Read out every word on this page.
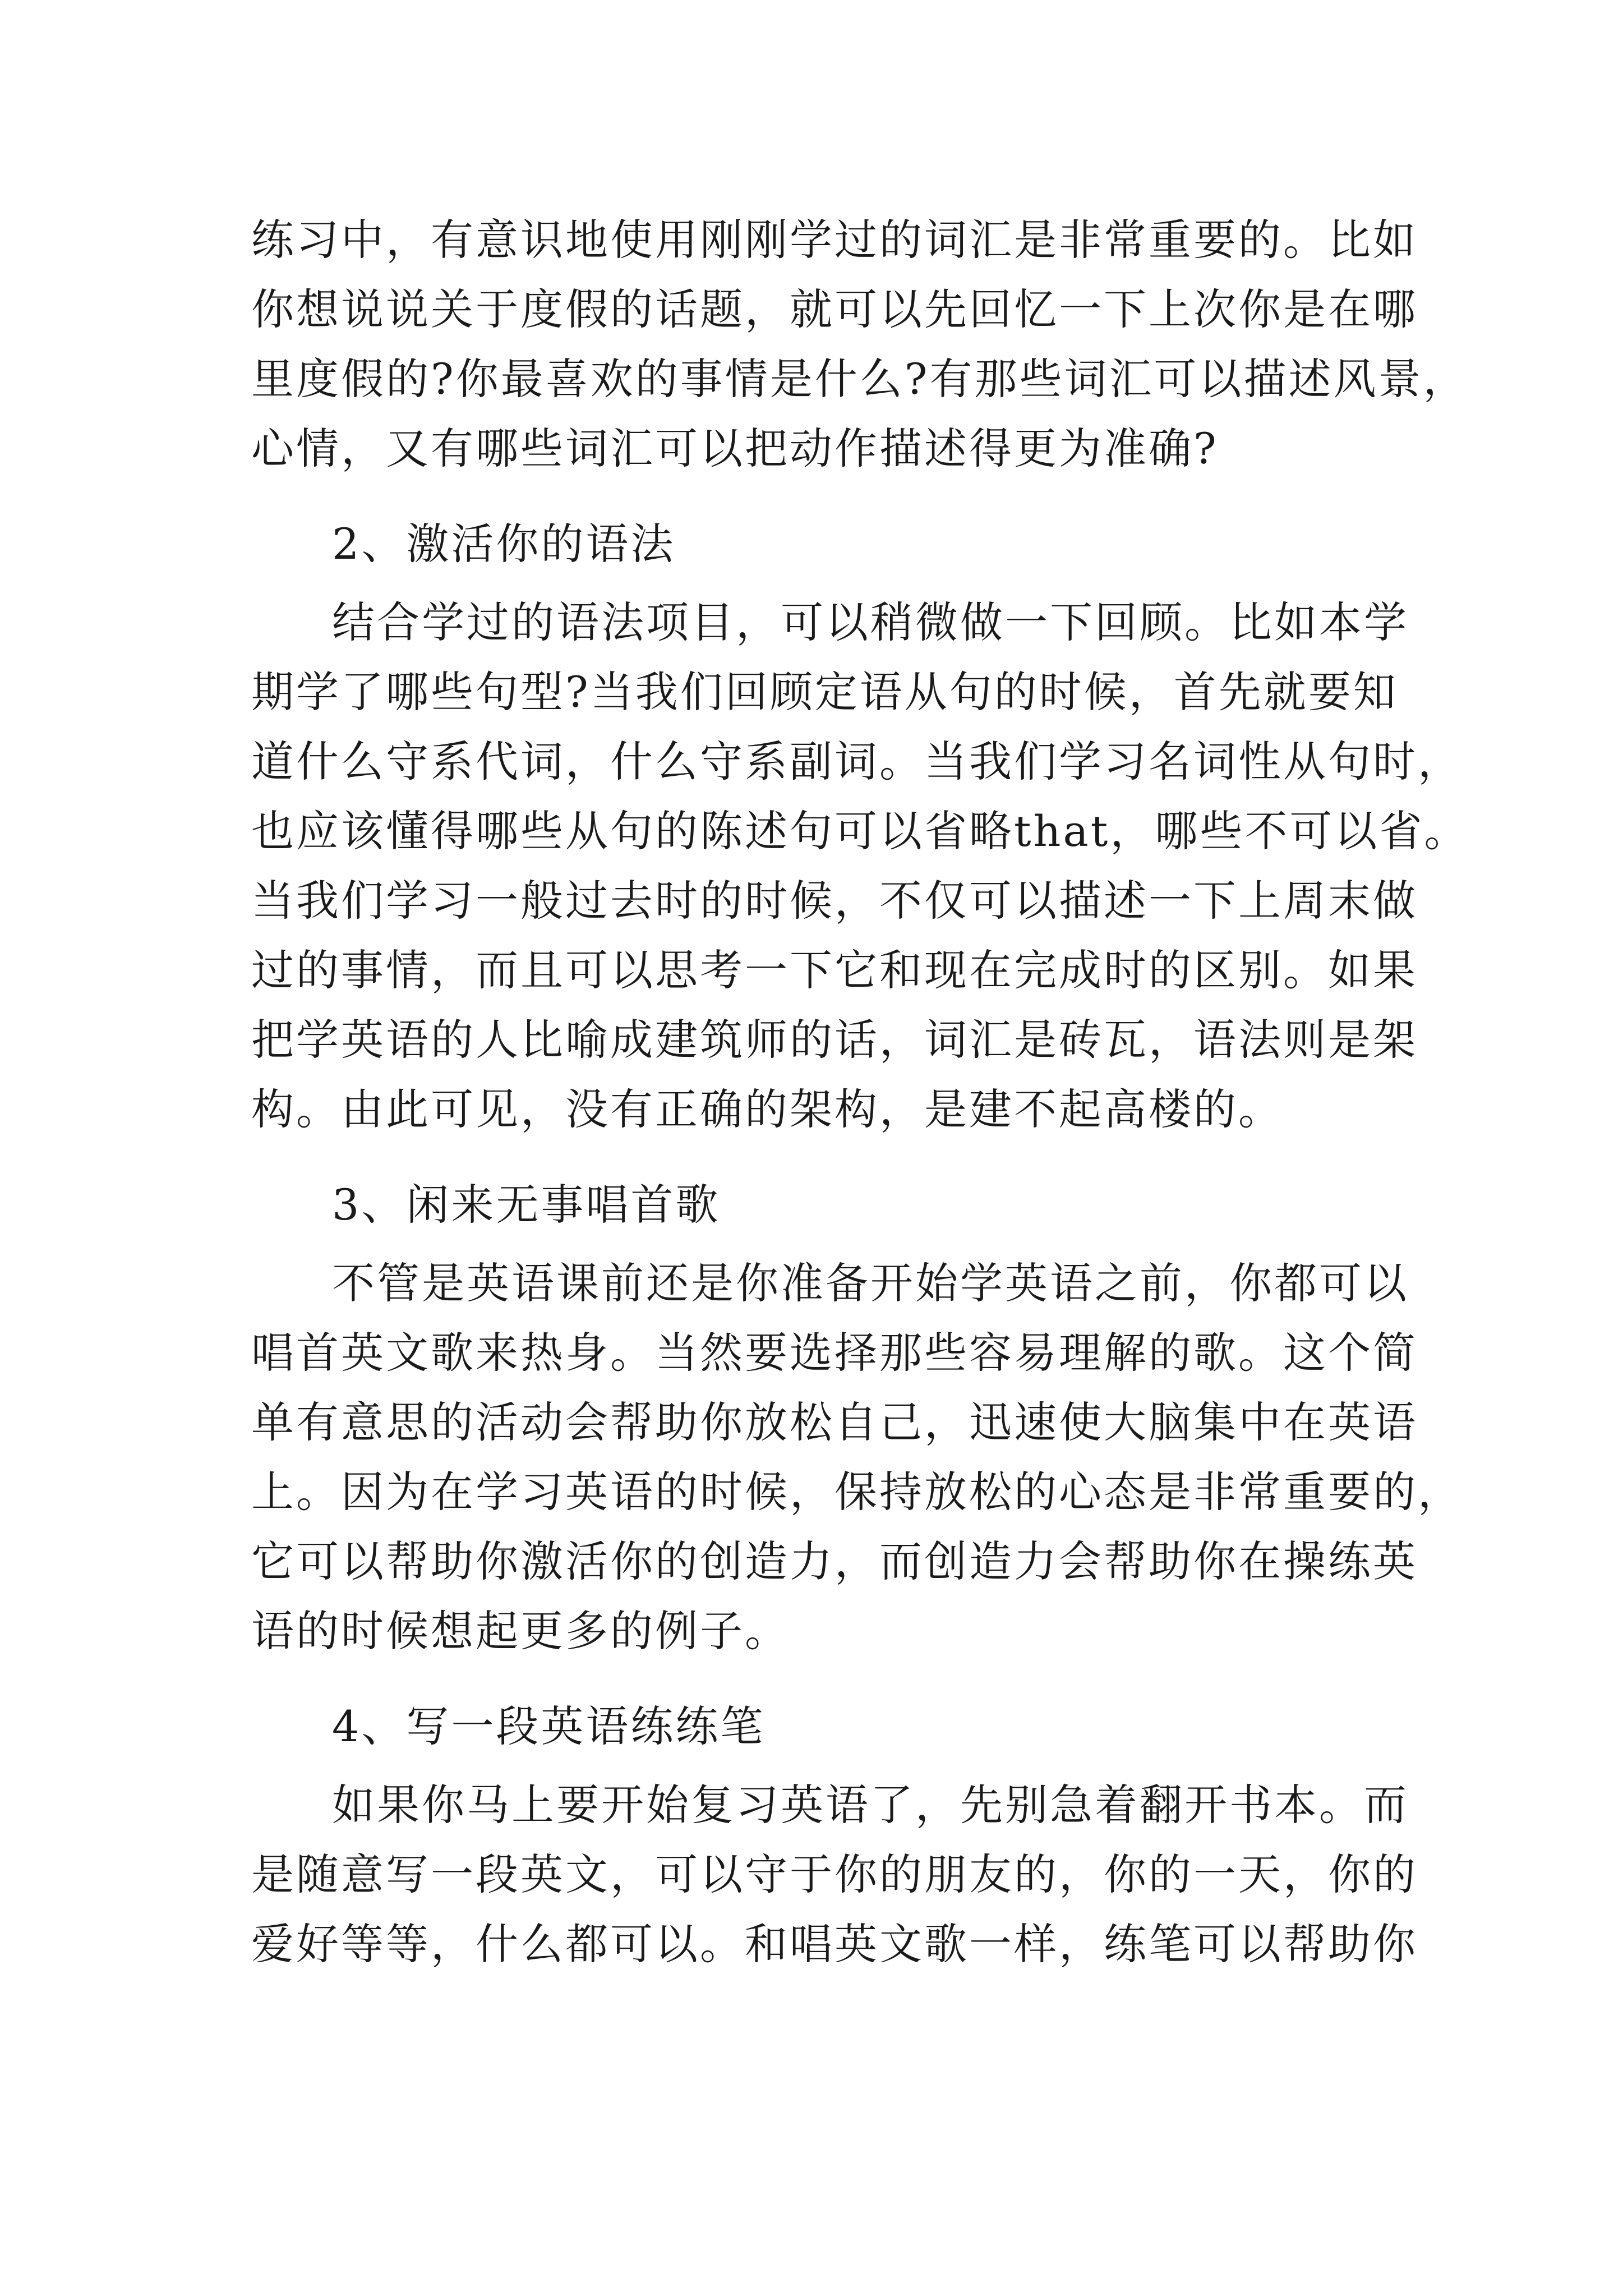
练习中，有意识地使用刚刚学过的词汇是非常重要的。比如
你想说说关于度假的话题，就可以先回忆一下上次你是在哪
里度假的?你最喜欢的事情是什么?有那些词汇可以描述风景，
心情，又有哪些词汇可以把动作描述得更为准确?
2、激活你的语法
结合学过的语法项目，可以稍微做一下回顾。比如本学
期学了哪些句型?当我们回顾定语从句的时候，首先就要知
道什么守系代词，什么守系副词。当我们学习名词性从句时，
也应该懂得哪些从句的陈述句可以省略that，哪些不可以省。
当我们学习一般过去时的时候，不仅可以描述一下上周末做
过的事情，而且可以思考一下它和现在完成时的区别。如果
把学英语的人比喻成建筑师的话，词汇是砖瓦，语法则是架
构。由此可见，没有正确的架构，是建不起高楼的。
3、闲来无事唱首歌
不管是英语课前还是你准备开始学英语之前，你都可以
唱首英文歌来热身。当然要选择那些容易理解的歌。这个简
单有意思的活动会帮助你放松自己，迅速使大脑集中在英语
上。因为在学习英语的时候，保持放松的心态是非常重要的，
它可以帮助你激活你的创造力，而创造力会帮助你在操练英
语的时候想起更多的例子。
4、写一段英语练练笔
如果你马上要开始复习英语了，先别急着翻开书本。而
是随意写一段英文，可以守于你的朋友的，你的一天，你的
爱好等等，什么都可以。和唱英文歌一样，练笔可以帮助你
